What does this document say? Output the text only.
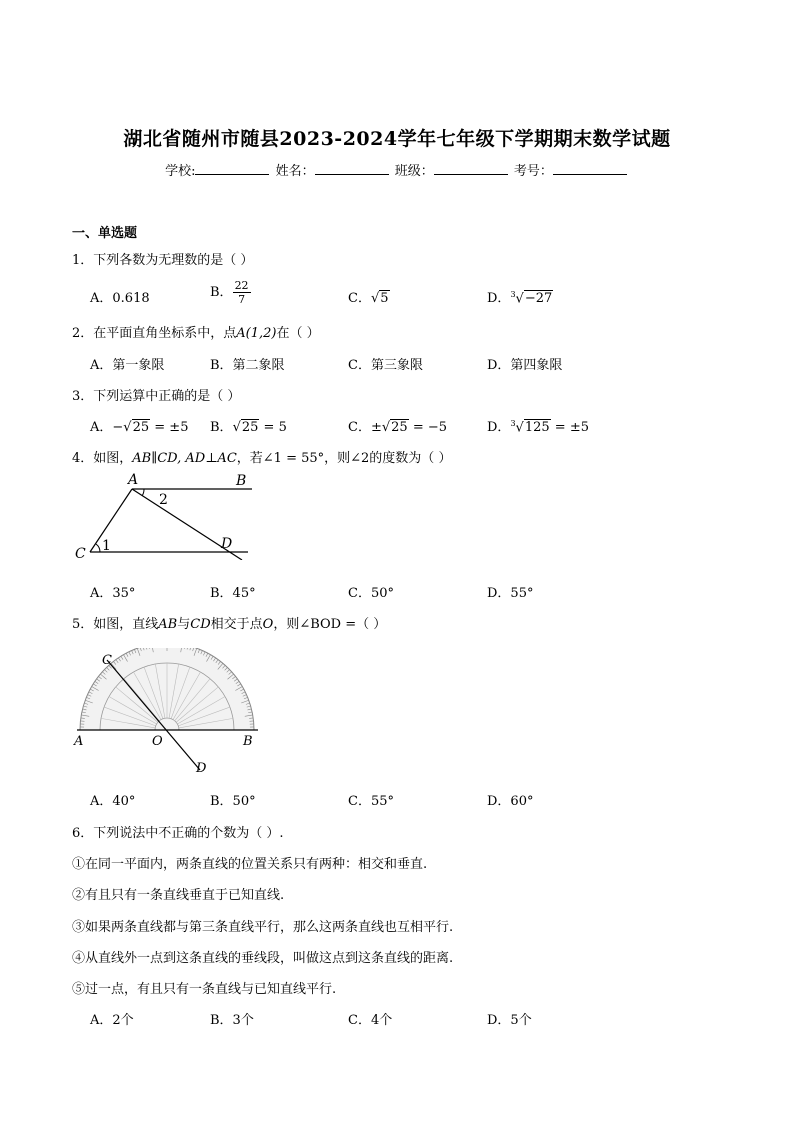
湖北省随州市随县2023-2024学年七年级下学期期末数学试题
学校:	姓名：	班级：	考号：
一、单选题
1．下列各数为无理数的是（ ）
A．0.618	B． $\frac{22}{7}$	C．√5	D．$^3$√−27
2．在平面直角坐标系中，点A(1,2)在（ ）
A．第一象限	B．第二象限	C．第三象限	D．第四象限
3．下列运算中正确的是（ ）
A．−√25 = ±5 B．√25 = 5	C．±√25 = −5	D．$^3$√125 = ±5
4．如图，AB∥CD, AD⊥AC，若∠1 = 55°，则∠2的度数为（ ）
A	B
C
D
2
1
A．35°	B．45°	C．50°	D．55°
5．如图，直线AB与CD相交于点O，则∠BOD =（ ）
C
A	O	B
D
A．40°	B．50°	C．55°	D．60°
6．下列说法中不正确的个数为（ ）.
①在同一平面内，两条直线的位置关系只有两种：相交和垂直.
②有且只有一条直线垂直于已知直线.
③如果两条直线都与第三条直线平行，那么这两条直线也互相平行.
④从直线外一点到这条直线的垂线段，叫做这点到这条直线的距离.
⑤过一点，有且只有一条直线与已知直线平行.
A．2个	B．3个	C．4个	D．5个
